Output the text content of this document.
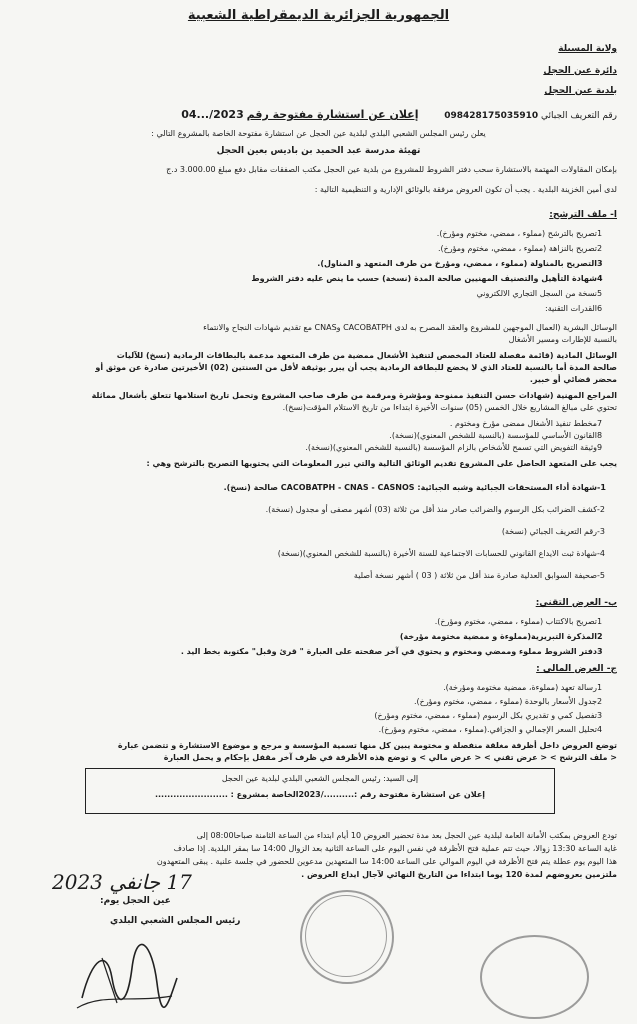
الجمهورية الجزائرية الديمقراطية الشعبية
ولاية المسيلة
دائرة عين الحجل
بلدية عين الحجل
رقم التعريف الجبائي 098428175035910         إعلان عن استشارة مفتوحة رقم 2023/...04
يعلن رئيس المجلس الشعبي البلدي لبلدية عين الحجل عن استشارة مفتوحة الخاصة بالمشروع التالي :
تهيئة مدرسة عبد الحميد بن باديس بعين الحجل
بإمكان المقاولات المهتمة بالاستشارة سحب دفتر الشروط للمشروع من بلدية عين الحجل مكتب الصفقات مقابل دفع مبلغ 3.000.00 د.ج
لدى أمين الخزينة البلدية . يجب أن تكون العروض مرفقة بالوثائق الإدارية و التنظيمية التالية :
أ- ملف الترشح:
1تصريح بالترشح (مملوء ، ممضي، مختوم ومؤرخ).
2تصريح بالنزاهة (مملوء ، ممضي، مختوم ومؤرخ).
3التصريح بالمناولة (مملوء ، ممضي، ومؤرخ من طرف المتعهد و المناول).
4شهادة التأهيل والتصنيف المهنيين صالحة المدة (نسخة) حسب ما ينص عليه دفتر الشروط
5نسخة من السجل التجاري الالكتروني
6القدرات التقنية:
الوسائل البشرية (العمال الموجهين للمشروع والعقد المصرح به لدى CACOBATPH وCNAS مع تقديم شهادات النجاح والانتماء
بالنسبة للإطارات ومسير الأشغال
الوسائل المادية (قائمة مفصلة للعتاد المخصص لتنفيذ الأشغال ممضية من طرف المتعهد مدعمة بالبطاقات الرمادية (نسخ) للآليات
صالحة المدة أما بالنسبة للعتاد الذي لا يخضع للبطاقة الرمادية يجب أن يبرر بوثيقة لأقل من السنتين (02) الأخيرتين صادرة عن موثق أو
محضر قضائي أو خبير.
المراجع المهنية (شهادات حسن التنفيذ ممنوحة ومؤشرة ومرقمة من طرف صاحب المشروع وتحمل تاريخ استلامها تتعلق بأشغال مماثلة
تحتوي على مبالغ المشاريع خلال الخمس (05) سنوات الأخيرة ابتداءا من تاريخ الاستلام المؤقت(نسخ).
7مخطط تنفيذ الأشغال ممضى مؤرخ ومختوم .
8القانون الأساسي للمؤسسة (بالنسبة للشخص المعنوي)(نسخة).
9وثيقة التفويض التي تسمح للأشخاص بالزام المؤسسة (بالنسبة للشخص المعنوي)(نسخة).
يجب على المتعهد الحاصل على المشروع تقديم الوثائق التالية والتي تبرر المعلومات التي يحتويها التصريح بالترشح وهي :
1-شهادة أداء المستحقات الجبائية وشبه الجبائية: CACOBATPH - CNAS - CASNOS صالحة (نسخ).
2-كشف الضرائب بكل الرسوم والضرائب صادر منذ أقل من ثلاثة (03) أشهر مصفى أو مجدول (نسخة).
3-رقم التعريف الجبائي (نسخة)
4-شهادة ثبت الايداع القانوني للحسابات الاجتماعية للسنة الأخيرة (بالنسبة للشخص المعنوي)(نسخة)
5-صحيفة السوابق العدلية صادرة منذ أقل من ثلاثة ( 03 ) أشهر نسخة أصلية
ب- العرض التقني:
1تصريح بالاكتتاب (مملوء ، ممضي، مختوم ومؤرخ).
2المذكرة التبريرية(مملوءة و ممضية مختومة مؤرخة)
3دفتر الشروط مملوء وممضي ومختوم و يحتوي في آخر صفحته على العبارة " قرئ وقبل" مكتوبة بخط اليد .
ج- العرض المالي :
1رسالة تعهد (مملوءة، ممضية مختومة ومؤرخة).
2جدول الأسعار بالوحدة (مملوء ، ممضي، مختوم ومؤرخ).
3تفصيل كمي و تقديري بكل الرسوم (مملوء ، ممضي، مختوم ومؤرخ)
4تحليل السعر الإجمالي و الجزافي.(مملوء ، ممضي، مختوم ومؤرخ).
توضع العروض داخل أظرفة مغلقة منفصلة و مختومة يبين كل منها تسمية المؤسسة و مرجع و موضوع الاستشارة و تتضمن عبارة
< ملف الترشح > < عرض تقني > < عرض مالي > و توضع هذه الأظرفة في ظرف آخر مقفل بإحكام و يحمل العبارة
إلى السيد: رئيس المجلس الشعبي البلدي لبلدية عين الحجل
إعلان عن استشارة مفتوحة رقم :........../2023الخاصة بمشروع : ........................
تودع العروض بمكتب الأمانة العامة لبلدية عين الحجل بعد مدة تحضير العروض 10 أيام ابتداء من الساعة الثامنة صباحا08:00 إلى
غاية الساعة 13:30 زوالا، حيث تتم عملية فتح الأظرفة في نفس اليوم على الساعة الثانية بعد الزوال 14:00 سا بمقر البلدية. إذا صادف
هذا اليوم يوم عطلة يتم فتح الأظرفة في اليوم الموالي على الساعة 14:00 سا المتعهدين مدعوين للحضور في جلسة علنية . يبقى المتعهدون
ملتزمين بعروضهم لمدة 120 يوما ابتداءا من التاريخ النهائي لآجال ايداع العروض .
17 جانفي 2023
عين الحجل يوم:
رئيس المجلس الشعبي البلدي
